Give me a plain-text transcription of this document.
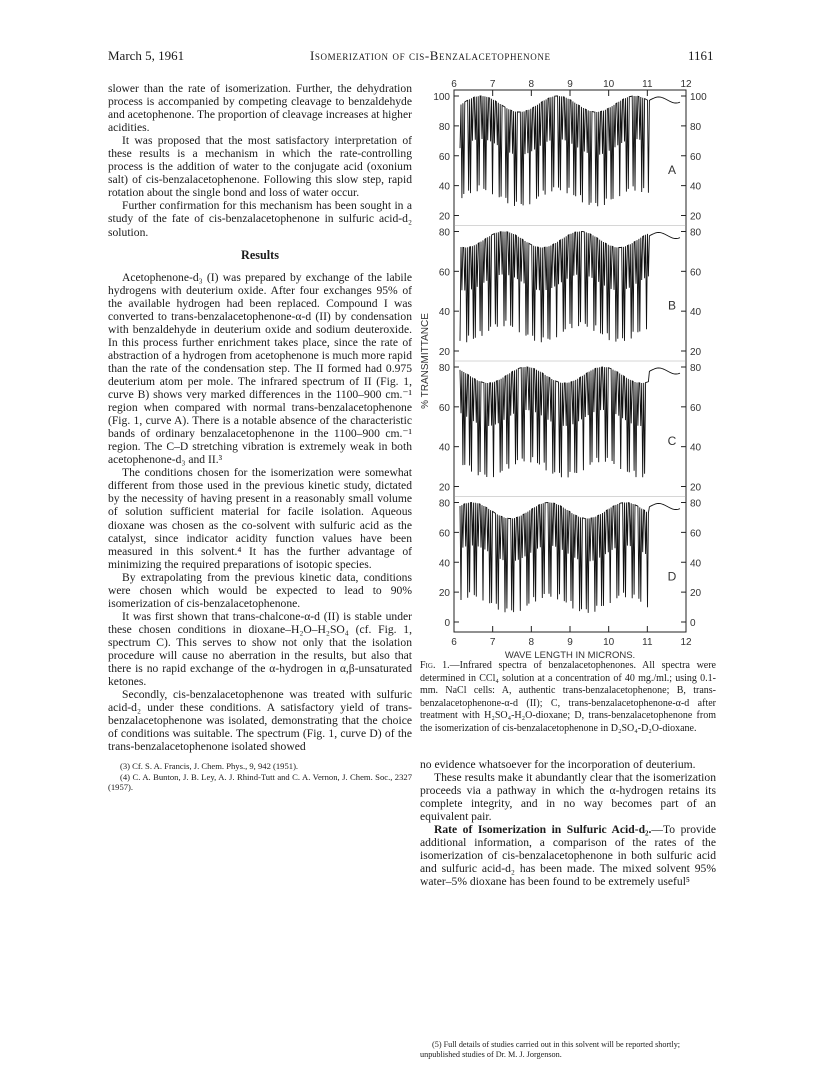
March 5, 1961	Isomerization of cis-Benzalacetophenone	1161

slower than the rate of isomerization. Further, the dehydration process is accompanied by competing cleavage to benzaldehyde and acetophenone. The proportion of cleavage increases at higher acidities.

It was proposed that the most satisfactory interpretation of these results is a mechanism in which the rate-controlling process is the addition of water to the conjugate acid (oxonium salt) of cis-benzalacetophenone. Following this slow step, rapid rotation about the single bond and loss of water occur.

Further confirmation for this mechanism has been sought in a study of the fate of cis-benzalacetophenone in sulfuric acid-d₂ solution.

Results

Acetophenone-d₃ (I) was prepared by exchange of the labile hydrogens with deuterium oxide. After four exchanges 95% of the available hydrogen had been replaced. Compound I was converted to trans-benzalacetophenone-α-d (II) by condensation with benzaldehyde in deuterium oxide and sodium deuteroxide. In this process further enrichment takes place, since the rate of abstraction of a hydrogen from acetophenone is much more rapid than the rate of the condensation step. The II formed had 0.975 deuterium atom per mole. The infrared spectrum of II (Fig. 1, curve B) shows very marked differences in the 1100–900 cm.⁻¹ region when compared with normal trans-benzalacetophenone (Fig. 1, curve A). There is a notable absence of the characteristic bands of ordinary benzalacetophenone in the 1100–900 cm.⁻¹ region. The C–D stretching vibration is extremely weak in both acetophenone-d₃ and II.³

The conditions chosen for the isomerization were somewhat different from those used in the previous kinetic study, dictated by the necessity of having present in a reasonably small volume of solution sufficient material for facile isolation. Aqueous dioxane was chosen as the co-solvent with sulfuric acid as the catalyst, since indicator acidity function values have been measured in this solvent.⁴ It has the further advantage of minimizing the required preparations of isotopic species.

By extrapolating from the previous kinetic data, conditions were chosen which would be expected to lead to 90% isomerization of cis-benzalacetophenone.

It was first shown that trans-chalcone-α-d (II) is stable under these chosen conditions in dioxane–H₂O–H₂SO₄ (cf. Fig. 1, spectrum C). This serves to show not only that the isolation procedure will cause no aberration in the results, but also that there is no rapid exchange of the α-hydrogen in α,β-unsaturated ketones.

Secondly, cis-benzalacetophenone was treated with sulfuric acid-d₂ under these conditions. A satisfactory yield of trans-benzalacetophenone was isolated, demonstrating that the choice of conditions was suitable. The spectrum (Fig. 1, curve D) of the trans-benzalacetophenone isolated showed

(3) Cf. S. A. Francis, J. Chem. Phys., 9, 942 (1951).
(4) C. A. Bunton, J. B. Ley, A. J. Rhind-Tutt and C. A. Vernon, J. Chem. Soc., 2327 (1957).
6
6
7
7
8
8
9
9
10
10
11
11
12
12
WAVE LENGTH IN MICRONS.
% TRANSMITTANCE
100
80
60
40
20
100
80
60
40
20
A
80
60
40
20
80
60
40
20
B
80
60
40
20
80
60
40
20
C
80
60
40
20
0
80
60
40
20
0
D
Fig. 1.—Infrared spectra of benzalacetophenones. All spectra were determined in CCl₄ solution at a concentration of 40 mg./ml.; using 0.1-mm. NaCl cells: A, authentic trans-benzalacetophenone; B, trans-benzalacetophenone-α-d (II); C, trans-benzalacetophenone-α-d after treatment with H₂SO₄-H₂O-dioxane; D, trans-benzalacetophenone from the isomerization of cis-benzalacetophenone in D₂SO₄-D₂O-dioxane.

no evidence whatsoever for the incorporation of deuterium.

These results make it abundantly clear that the isomerization proceeds via a pathway in which the α-hydrogen retains its complete integrity, and in no way becomes part of an equivalent pair.

Rate of Isomerization in Sulfuric Acid-d₂.—To provide additional information, a comparison of the rates of the isomerization of cis-benzalacetophenone in both sulfuric acid and sulfuric acid-d₂ has been made. The mixed solvent 95% water–5% dioxane has been found to be extremely useful⁵

(5) Full details of studies carried out in this solvent will be reported shortly; unpublished studies of Dr. M. J. Jorgenson.
